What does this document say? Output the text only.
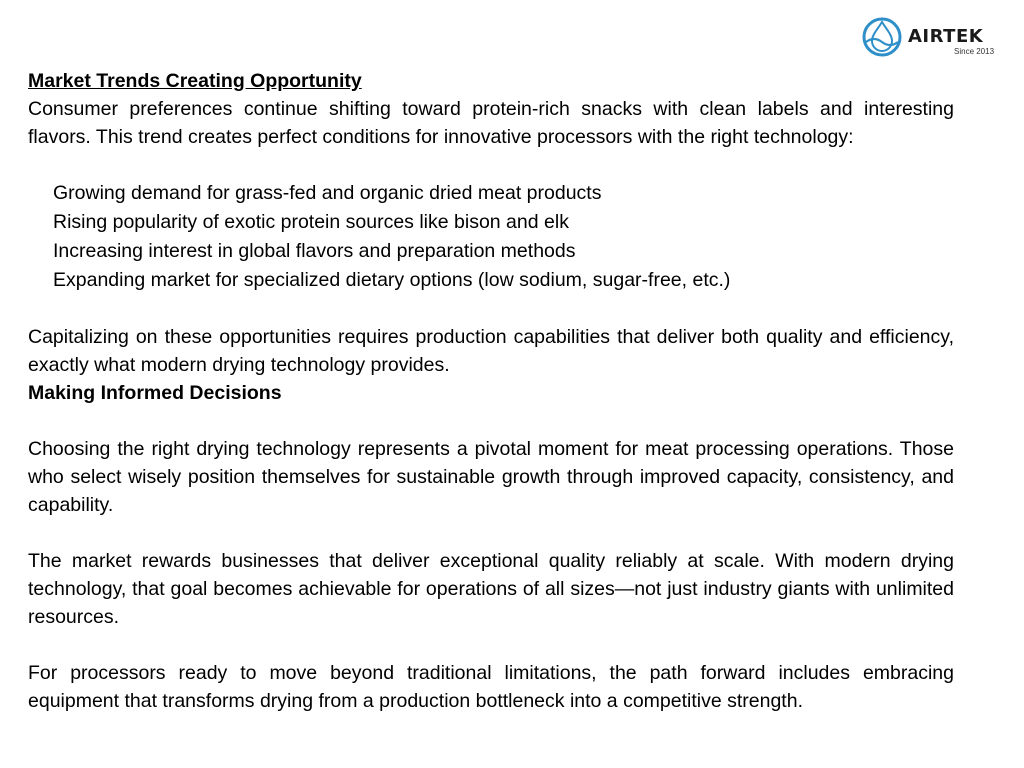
AIRTEK
Since 2013

Market Trends Creating Opportunity

Consumer preferences continue shifting toward protein-rich snacks with clean labels and interesting flavors. This trend creates perfect conditions for innovative processors with the right technology:

Growing demand for grass-fed and organic dried meat products
Rising popularity of exotic protein sources like bison and elk
Increasing interest in global flavors and preparation methods
Expanding market for specialized dietary options (low sodium, sugar-free, etc.)

Capitalizing on these opportunities requires production capabilities that deliver both quality and efficiency, exactly what modern drying technology provides.

Making Informed Decisions

Choosing the right drying technology represents a pivotal moment for meat processing operations. Those who select wisely position themselves for sustainable growth through improved capacity, consistency, and capability.

The market rewards businesses that deliver exceptional quality reliably at scale. With modern drying technology, that goal becomes achievable for operations of all sizes—not just industry giants with unlimited resources.

For processors ready to move beyond traditional limitations, the path forward includes embracing equipment that transforms drying from a production bottleneck into a competitive strength.
